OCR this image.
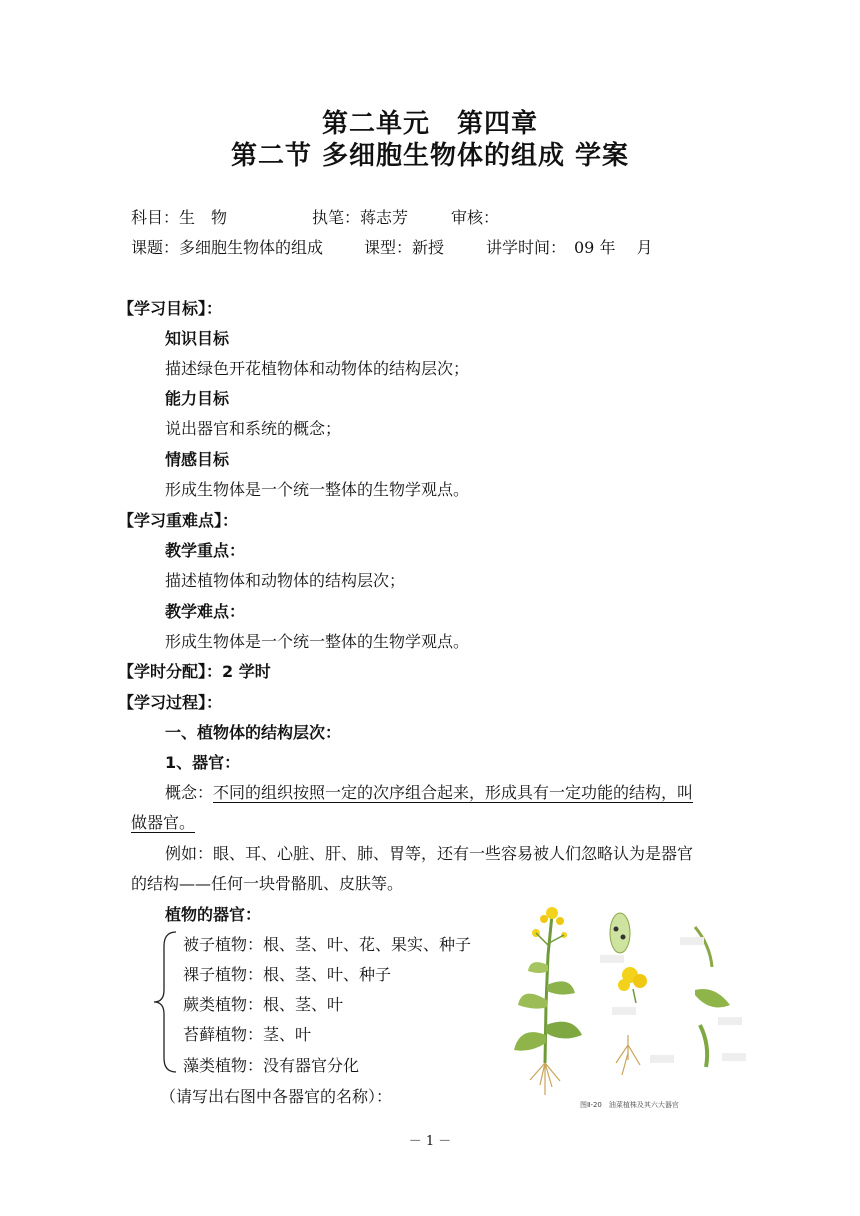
第二单元　第四章
第二节 多细胞生物体的组成 学案
科目：生　物	执笔：蒋志芳	审核：
课题：多细胞生物体的组成	课型：新授	讲学时间：　09 年　 月
【学习目标】：
知识目标
描述绿色开花植物体和动物体的结构层次；
能力目标
说出器官和系统的概念；
情感目标
形成生物体是一个统一整体的生物学观点。
【学习重难点】：
教学重点：
描述植物体和动物体的结构层次；
教学难点：
形成生物体是一个统一整体的生物学观点。
【学时分配】：2 学时
【学习过程】：
一、植物体的结构层次：
1、器官：
概念：不同的组织按照一定的次序组合起来，形成具有一定功能的结构，叫
做器官。
例如：眼、耳、心脏、肝、肺、胃等，还有一些容易被人们忽略认为是器官
的结构——任何一块骨骼肌、皮肤等。
植物的器官：
被子植物：根、茎、叶、花、果实、种子
裸子植物：根、茎、叶、种子
蕨类植物：根、茎、叶
苔藓植物：茎、叶
藻类植物：没有器官分化
（请写出右图中各器官的名称）：	图Ⅱ-20　油菜植株及其六大器官
－ 1 －
